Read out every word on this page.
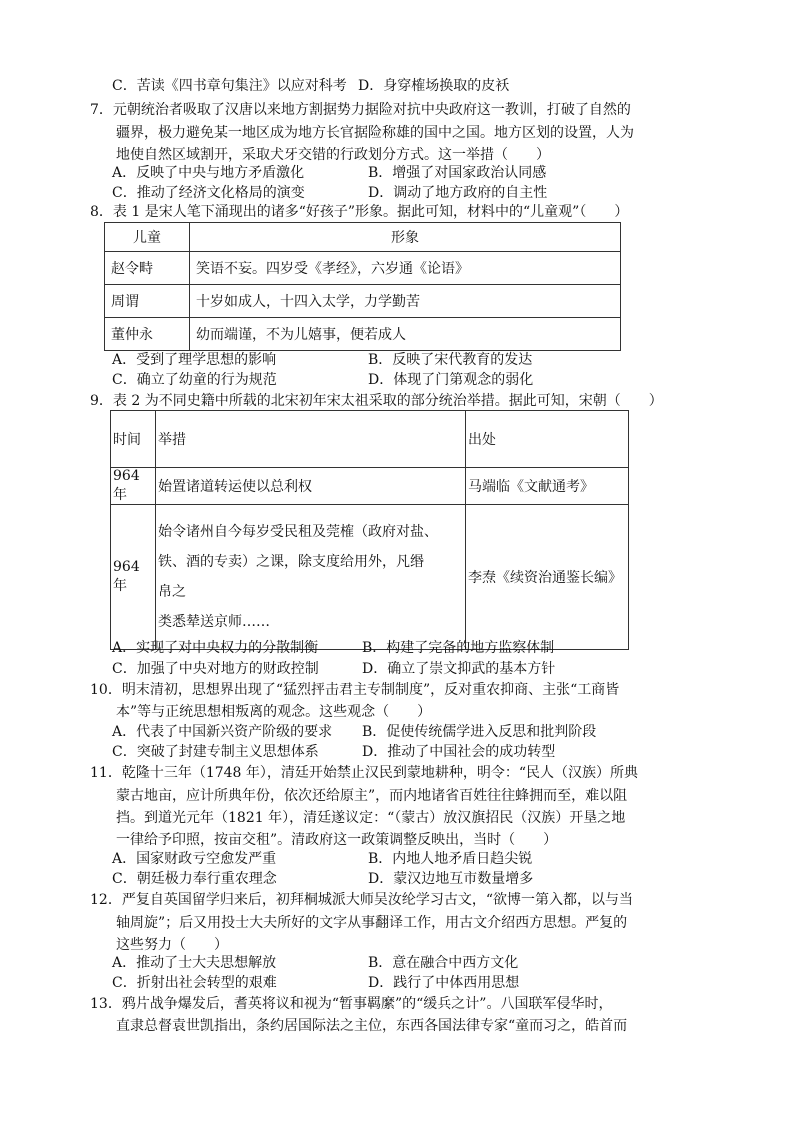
C．苦读《四书章句集注》以应对科考 D．身穿榷场换取的皮袄
7．元朝统治者吸取了汉唐以来地方割据势力据险对抗中央政府这一教训，打破了自然的
疆界，极力避免某一地区成为地方长官据险称雄的国中之国。地方区划的设置，人为
地使自然区域割开，采取犬牙交错的行政划分方式。这一举措（　　）
A．反映了中央与地方矛盾激化	B．增强了对国家政治认同感
C．推动了经济文化格局的演变	D．调动了地方政府的自主性
8．表 1 是宋人笔下涌现出的诸多“好孩子”形象。据此可知，材料中的“儿童观”（　　）
儿童	形象
赵令畤	笑语不妄。四岁受《孝经》，六岁通《论语》
周谓	十岁如成人，十四入太学，力学勤苦
董仲永	幼而端谨，不为儿嬉事，便若成人
A．受到了理学思想的影响	B．反映了宋代教育的发达
C．确立了幼童的行为规范	D．体现了门第观念的弱化
9．表 2 为不同史籍中所载的北宋初年宋太祖采取的部分统治举措。据此可知，宋朝（　　）
时间	举措	出处
964 年	始置诸道转运使以总利权	马端临《文献通考》
964 年	始令诸州自今每岁受民租及莞榷（政府对盐、
铁、酒的专卖）之课，除支度给用外，凡缗
帛之
类悉辇送京师……	李焘《续资治通鉴长编》
A．实现了对中央权力的分散制衡	B．构建了完备的地方监察体制
C．加强了中央对地方的财政控制	D．确立了崇文抑武的基本方针
10．明末清初，思想界出现了“猛烈抨击君主专制制度”，反对重农抑商、主张“工商皆
本”等与正统思想相叛离的观念。这些观念（　　）
A．代表了中国新兴资产阶级的要求 B．促使传统儒学进入反思和批判阶段
C．突破了封建专制主义思想体系	D．推动了中国社会的成功转型
11．乾隆十三年（1748 年），清廷开始禁止汉民到蒙地耕种，明令：“民人（汉族）所典
蒙古地亩，应计所典年份，依次还给原主”，而内地诸省百姓往往蜂拥而至，难以阻
挡。到道光元年（1821 年），清廷遂议定：“（蒙古）放汉旗招民（汉族）开垦之地
一律给予印照，按亩交租”。清政府这一政策调整反映出，当时（　　）
A．国家财政亏空愈发严重	B．内地人地矛盾日趋尖锐
C．朝廷极力奉行重农理念	D．蒙汉边地互市数量增多
12．严复自英国留学归来后，初拜桐城派大师吴汝纶学习古文，“欲博一第入都，以与当
轴周旋”；后又用投士大夫所好的文字从事翻译工作，用古文介绍西方思想。严复的
这些努力（　　）
A．推动了士大夫思想解放	B．意在融合中西方文化
C．折射出社会转型的艰难	D．践行了中体西用思想
13．鸦片战争爆发后，耆英将议和视为“暂事羁縻”的“缓兵之计”。八国联军侵华时，
直隶总督袁世凯指出，条约居国际法之主位，东西各国法律专家“童而习之，皓首而
